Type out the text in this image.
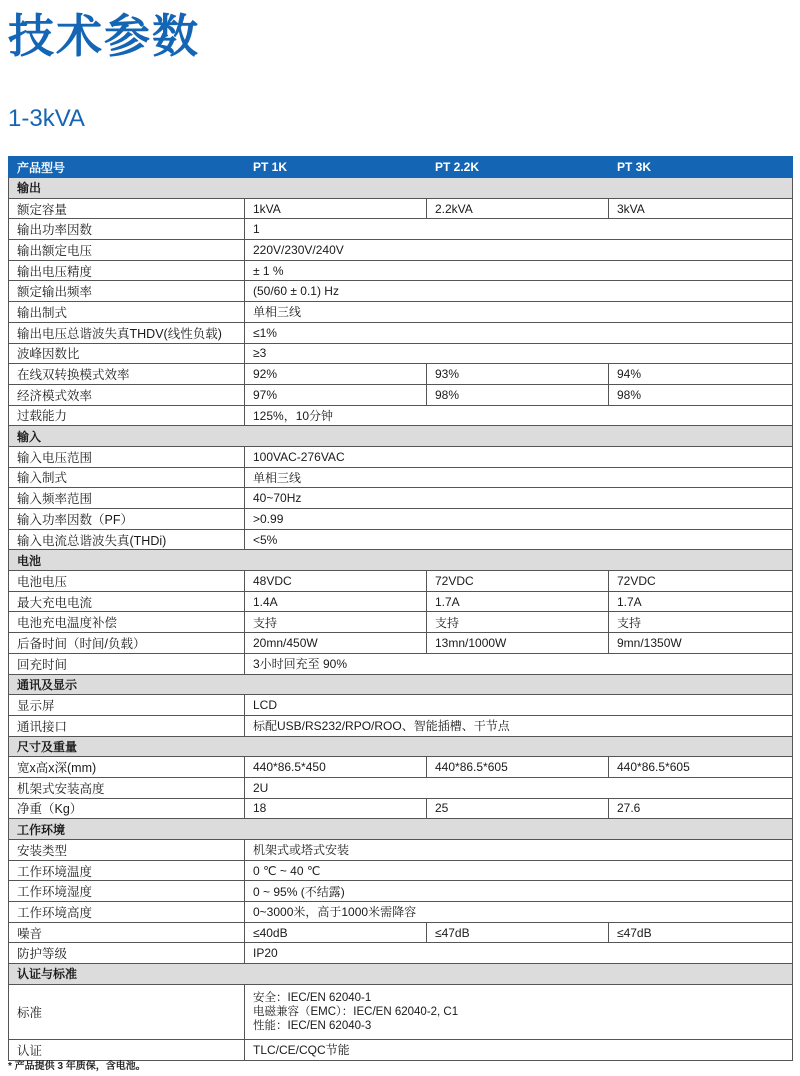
技术参数
1-3kVA
产品型号	PT 1K	PT 2.2K	PT 3K
输出			
额定容量	1kVA	2.2kVA	3kVA
输出功率因数	1		
输出额定电压	220V/230V/240V		
输出电压精度	± 1 %		
额定输出频率	(50/60 ± 0.1) Hz		
输出制式	单相三线		
输出电压总谐波失真THDV(线性负载)	≤1%		
波峰因数比	≥3		
在线双转换模式效率	92%	93%	94%
经济模式效率	97%	98%	98%
过载能力	125%，10分钟		
输入			
输入电压范围	100VAC-276VAC		
输入制式	单相三线		
输入频率范围	40~70Hz		
输入功率因数（PF）	>0.99		
输入电流总谐波失真(THDi)	<5%		
电池			
电池电压	48VDC	72VDC	72VDC
最大充电电流	1.4A	1.7A	1.7A
电池充电温度补偿	支持	支持	支持
后备时间（时间/负载）	20mn/450W	13mn/1000W	9mn/1350W
回充时间	3小时回充至 90%		
通讯及显示			
显示屏	LCD		
通讯接口	标配USB/RS232/RPO/ROO、智能插槽、干节点		
尺寸及重量			
宽x高x深(mm)	440*86.5*450	440*86.5*605	440*86.5*605
机架式安装高度	2U		
净重（Kg）	18	25	27.6
工作环境			
安装类型	机架式或塔式安装		
工作环境温度	0 ℃ ~ 40 ℃		
工作环境湿度	0 ~ 95% (不结露)		
工作环境高度	0~3000米，高于1000米需降容		
噪音	≤40dB	≤47dB	≤47dB
防护等级	IP20		
认证与标准			
标准	安全：IEC/EN 62040-1
电磁兼容（EMC）：IEC/EN 62040-2, C1
性能：IEC/EN 62040-3		

认证	TLC/CE/CQC节能		
* 产品提供 3 年质保，含电池。
